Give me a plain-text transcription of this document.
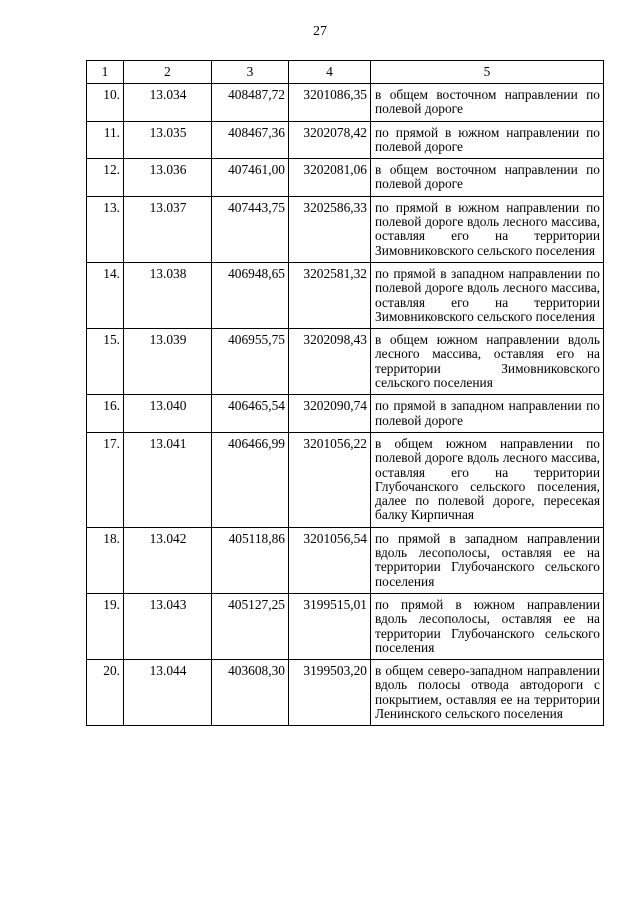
27
1	2	3	4	5
10.	13.034	408487,72	3201086,35	в общем восточном направлении по полевой дороге
11.	13.035	408467,36	3202078,42	по прямой в южном направлении по полевой дороге
12.	13.036	407461,00	3202081,06	в общем восточном направлении по полевой дороге
13.	13.037	407443,75	3202586,33	по прямой в южном направлении по полевой дороге вдоль лесного массива, оставляя его на территории Зимовниковского сельского поселения
14.	13.038	406948,65	3202581,32	по прямой в западном направлении по полевой дороге вдоль лесного массива, оставляя его на территории Зимовниковского сельского поселения
15.	13.039	406955,75	3202098,43	в общем южном направлении вдоль лесного массива, оставляя его на территории Зимовниковского сельского поселения
16.	13.040	406465,54	3202090,74	по прямой в западном направлении по полевой дороге
17.	13.041	406466,99	3201056,22	в общем южном направлении по полевой дороге вдоль лесного массива, оставляя его на территории Глубочанского сельского поселения, далее по полевой дороге, пересекая балку Кирпичная
18.	13.042	405118,86	3201056,54	по прямой в западном направлении вдоль лесополосы, оставляя ее на территории Глубочанского сельского поселения
19.	13.043	405127,25	3199515,01	по прямой в южном направлении вдоль лесополосы, оставляя ее на территории Глубочанского сельского поселения
20.	13.044	403608,30	3199503,20	в общем северо-западном направлении вдоль полосы отвода автодороги с покрытием, оставляя ее на территории Ленинского сельского поселения
